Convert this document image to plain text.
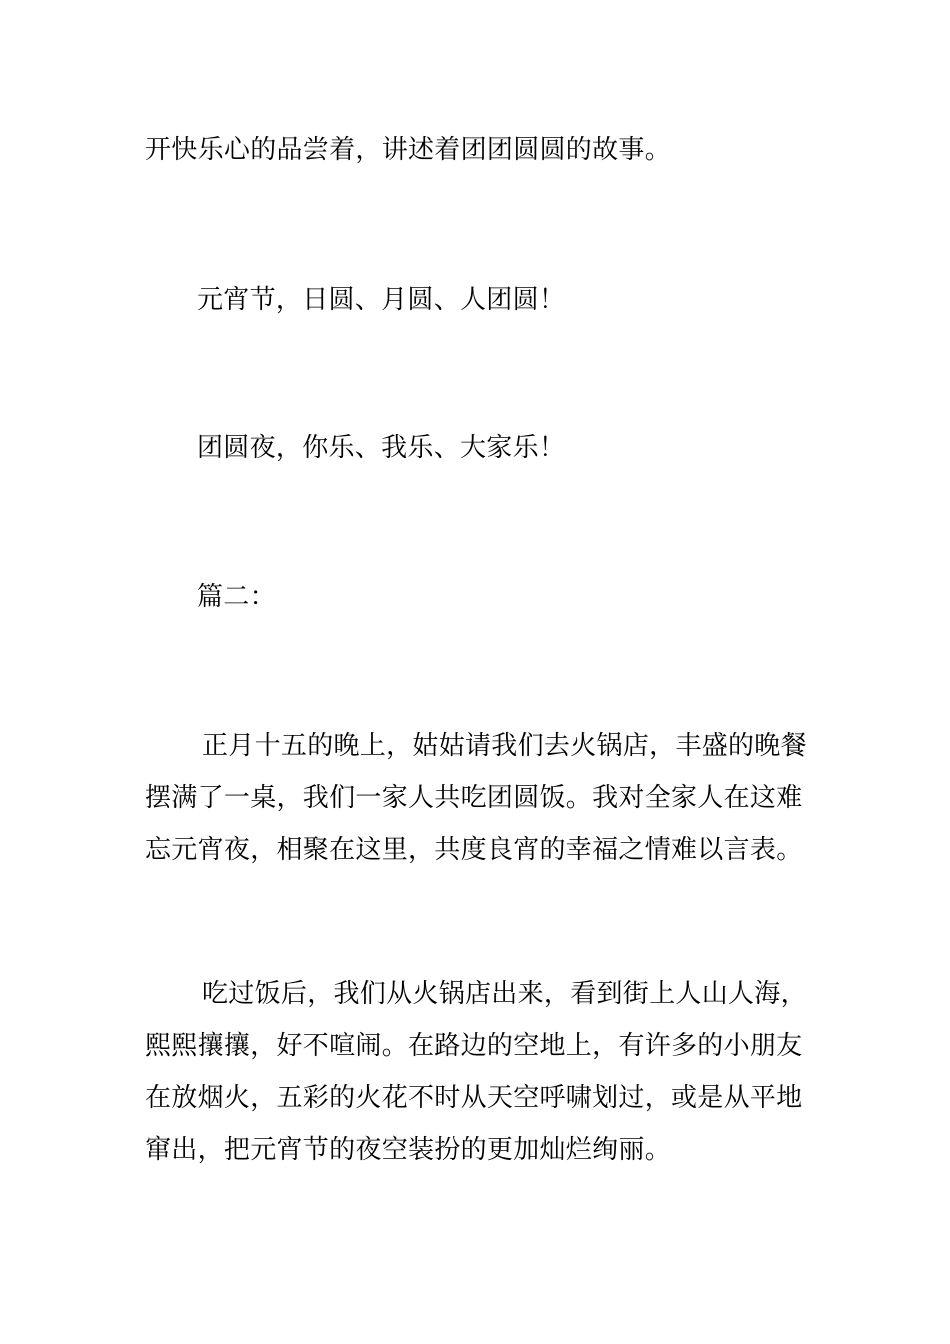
开快乐心的品尝着，讲述着团团圆圆的故事。

元宵节，日圆、月圆、人团圆！

团圆夜，你乐、我乐、大家乐！

篇二：

正月十五的晚上，姑姑请我们去火锅店，丰盛的晚餐
摆满了一桌，我们一家人共吃团圆饭。我对全家人在这难
忘元宵夜，相聚在这里，共度良宵的幸福之情难以言表。

吃过饭后，我们从火锅店出来，看到街上人山人海，
熙熙攘攘，好不喧闹。在路边的空地上，有许多的小朋友
在放烟火，五彩的火花不时从天空呼啸划过，或是从平地
窜出，把元宵节的夜空装扮的更加灿烂绚丽。
